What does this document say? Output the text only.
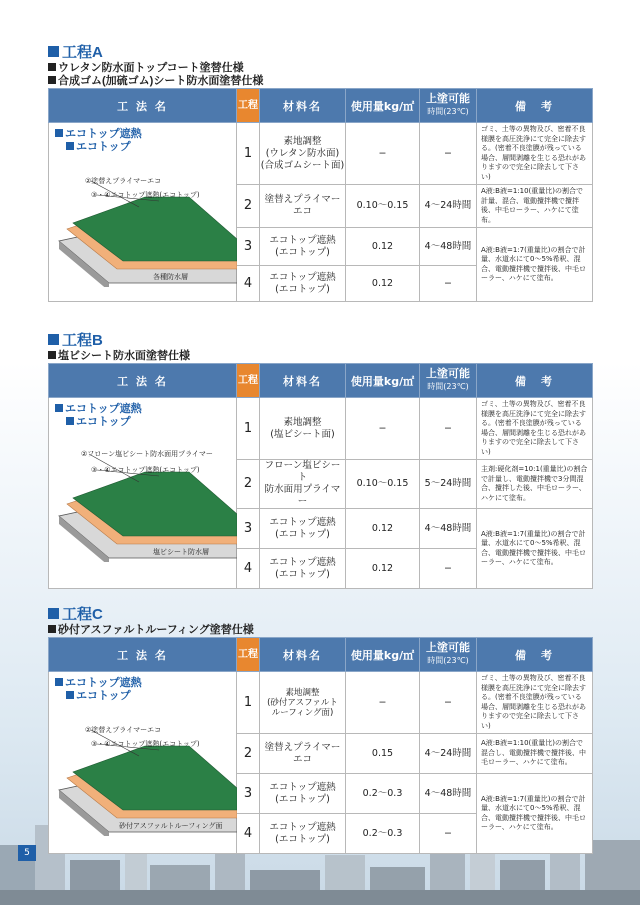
工程A
ウレタン防水面トップコート塗替仕様
合成ゴム(加硫ゴム)シート防水面塗替仕様
工 法 名	工程	材料名	使用量kg/㎡	上塗可能
時間(23℃)	備　考

エコトップ遮熱
エコトップ
②塗替えプライマーエコ
③・④エコトップ遮熱(エコトップ)
各種防水層	1	素地調整
(ウレタン防水面)
(合成ゴムシート面)	−	−	ゴミ、土等の異物及び、密着不良様膜を高圧洗浄にて完全に除去する。(密着不良塗膜が残っている場合、層間剥離を生じる恐れがありますので完全に除去して下さい)
	2	塗替えプライマーエコ	0.10〜0.15	4〜24時間	A液:B液=1:10(重量比)の割合で計量、混合、電動攪拌機で攪拌後、中毛ローラー、ハケにて塗布。
	3	エコトップ遮熱
(エコトップ)	0.12	4〜48時間	A液:B液=1:7(重量比)の割合で計量、水道水にて0〜5%希釈、混合、電動攪拌機で攪拌後、中毛ローラー、ハケにて塗布。
	4	エコトップ遮熱
(エコトップ)	0.12	−	
工程B
塩ビシート防水面塗替仕様
工 法 名	工程	材料名	使用量kg/㎡	上塗可能
時間(23℃)	備　考

エコトップ遮熱
エコトップ
②フローン塩ビシート防水面用プライマー
③・④エコトップ遮熱(エコトップ)
塩ビシート防水層	1	素地調整
(塩ビシート面)	−	−	ゴミ、土等の異物及び、密着不良様膜を高圧洗浄にて完全に除去する。(密着不良塗膜が残っている場合、層間剥離を生じる恐れがありますので完全に除去して下さい)
	2	フローン塩ビシート
防水面用プライマー	0.10〜0.15	5〜24時間	主剤:硬化剤=10:1(重量比)の割合で計量し、電動攪拌機で3分間混合、攪拌した後、中毛ローラー、ハケにて塗布。
	3	エコトップ遮熱
(エコトップ)	0.12	4〜48時間	A液:B液=1:7(重量比)の割合で計量、水道水にて0〜5%希釈、混合、電動攪拌機で攪拌後、中毛ローラー、ハケにて塗布。
	4	エコトップ遮熱
(エコトップ)	0.12	−	
工程C
砂付アスファルトルーフィング塗替仕様
工 法 名	工程	材料名	使用量kg/㎡	上塗可能
時間(23℃)	備　考

エコトップ遮熱
エコトップ
②塗替えプライマーエコ
③・④エコトップ遮熱(エコトップ)
砂付アスファルトルーフィング面	1	素地調整
(砂付アスファルト
ルーフィング面)	−	−	ゴミ、土等の異物及び、密着不良様膜を高圧洗浄にて完全に除去する。(密着不良塗膜が残っている場合、層間剥離を生じる恐れがありますので完全に除去して下さい)
	2	塗替えプライマーエコ	0.15	4〜24時間	A液:B液=1:10(重量比)の割合で混合し、電動攪拌機で攪拌後、中毛ローラー、ハケにて塗布。
	3	エコトップ遮熱
(エコトップ)	0.2〜0.3	4〜48時間	A液:B液=1:7(重量比)の割合で計量、水道水にて0〜5%希釈、混合、電動攪拌機で攪拌後、中毛ローラー、ハケにて塗布。
	4	エコトップ遮熱
(エコトップ)	0.2〜0.3	−	
5
